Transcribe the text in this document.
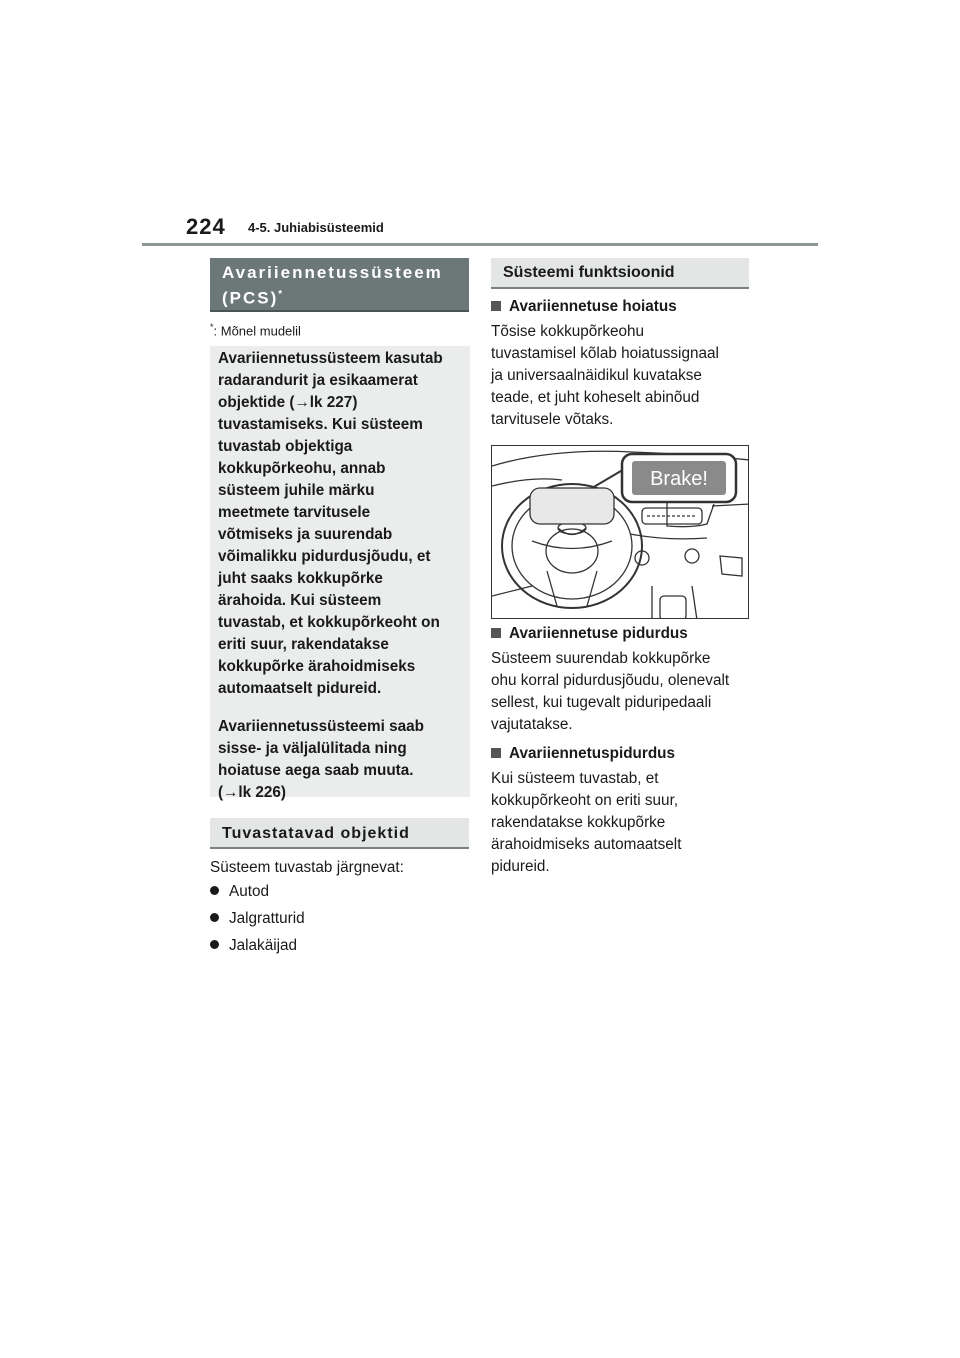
224 4-5. Juhiabisüsteemid
Avariiennetussüsteem
(PCS)*
*: Mõnel mudelil

Avariiennetussüsteem kasutab
radarandurit ja esikaamerat
objektide (→lk 227)
tuvastamiseks. Kui süsteem
tuvastab objektiga
kokkupõrkeohu, annab
süsteem juhile märku
meetmete tarvitusele
võtmiseks ja suurendab
võimalikku pidurdusjõudu, et
juht saaks kokkupõrke
ärahoida. Kui süsteem
tuvastab, et kokkupõrkeoht on
eriti suur, rakendatakse
kokkupõrke ärahoidmiseks
automaatselt pidureid.

Avariiennetussüsteemi saab
sisse- ja väljalülitada ning
hoiatuse aega saab muuta.
(→lk 226)

Tuvastatavad objektid
Süsteem tuvastab järgnevat:
Autod
Jalgratturid
Jalakäijad
Süsteemi funktsioonid
Avariiennetuse hoiatus
Tõsise kokkupõrkeohu
tuvastamisel kõlab hoiatussignaal
ja universaalnäidikul kuvatakse
teade, et juht koheselt abinõud
tarvitusele võtaks.
Brake!
Avariiennetuse pidurdus
Süsteem suurendab kokkupõrke
ohu korral pidurdusjõudu, olenevalt
sellest, kui tugevalt piduripedaali
vajutatakse.
Avariiennetuspidurdus
Kui süsteem tuvastab, et
kokkupõrkeoht on eriti suur,
rakendatakse kokkupõrke
ärahoidmiseks automaatselt
pidureid.
